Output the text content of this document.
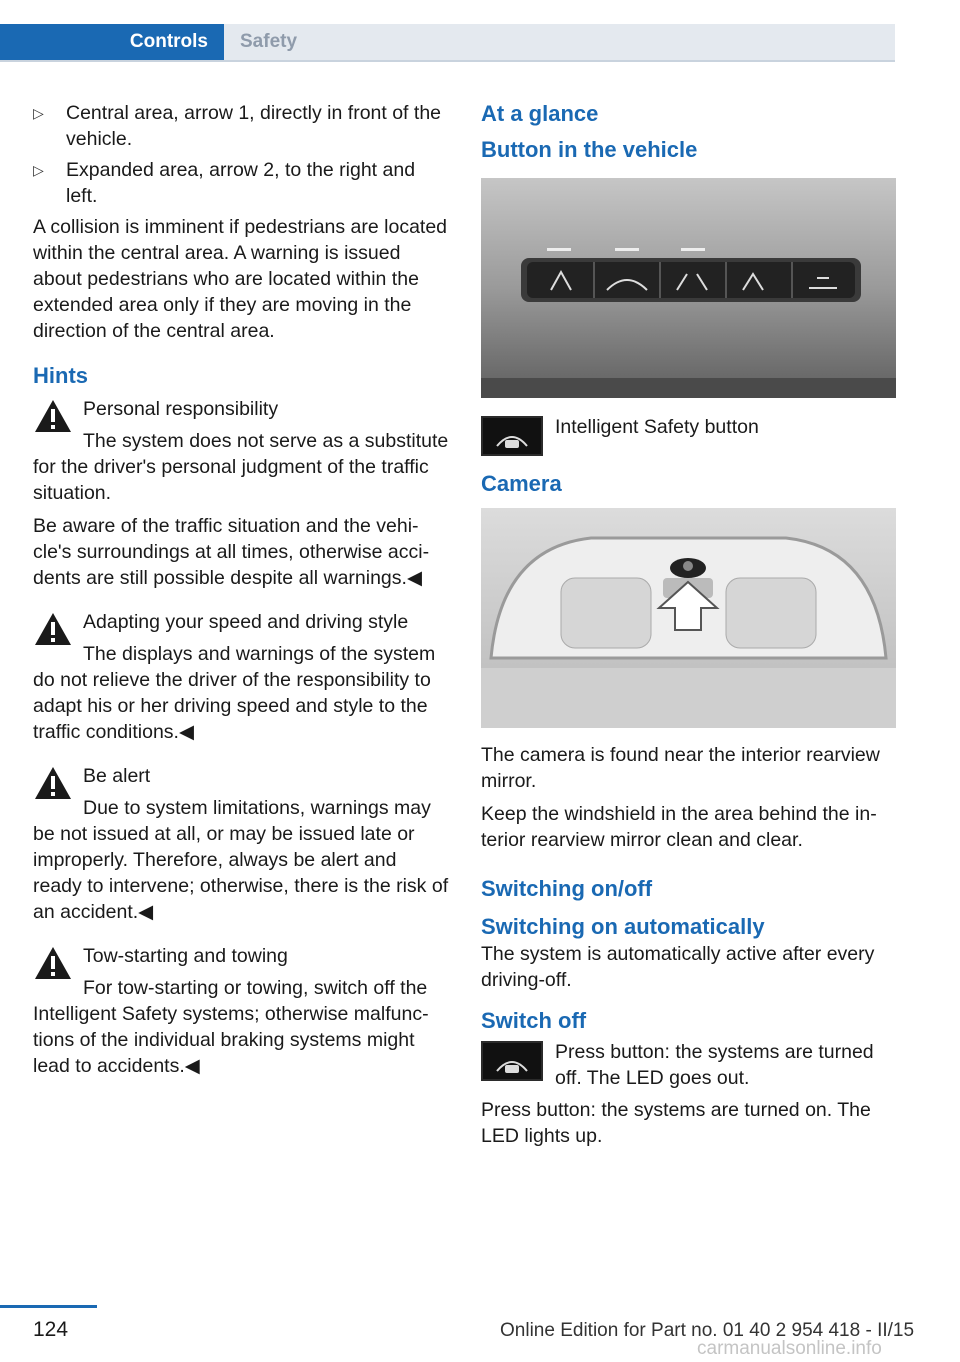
Controls	Safety
▷ Central area, arrow 1, directly in front of the vehicle.
▷ Expanded area, arrow 2, to the right and left.

A collision is imminent if pedestrians are located within the central area. A warning is issued about pedestrians who are located within the extended area only if they are moving in the direction of the central area.

Hints
Personal responsibility

The system does not serve as a substitute for the driver's personal judgment of the traffic situation.

Be aware of the traffic situation and the vehicle's surroundings at all times, otherwise accidents are still possible despite all warnings.◀

Adapting your speed and driving style

The displays and warnings of the system do not relieve the driver of the responsibility to adapt his or her driving speed and style to the traffic conditions.◀

Be alert

Due to system limitations, warnings may be not issued at all, or may be issued late or improperly. Therefore, always be alert and ready to intervene; otherwise, there is the risk of an accident.◀

Tow-starting and towing

For tow-starting or towing, switch off the Intelligent Safety systems; otherwise malfunctions of the individual braking systems might lead to accidents.◀

At a glance
Button in the vehicle
Intelligent Safety button
Camera

The camera is found near the interior rearview mirror.

Keep the windshield in the area behind the interior rearview mirror clean and clear.

Switching on/off
Switching on automatically

The system is automatically active after every driving-off.

Switch off
Press button: the systems are turned off. The LED goes out.

Press button: the systems are turned on. The LED lights up.

124	Online Edition for Part no. 01 40 2 954 418 - II/15
carmanualsonline.info
